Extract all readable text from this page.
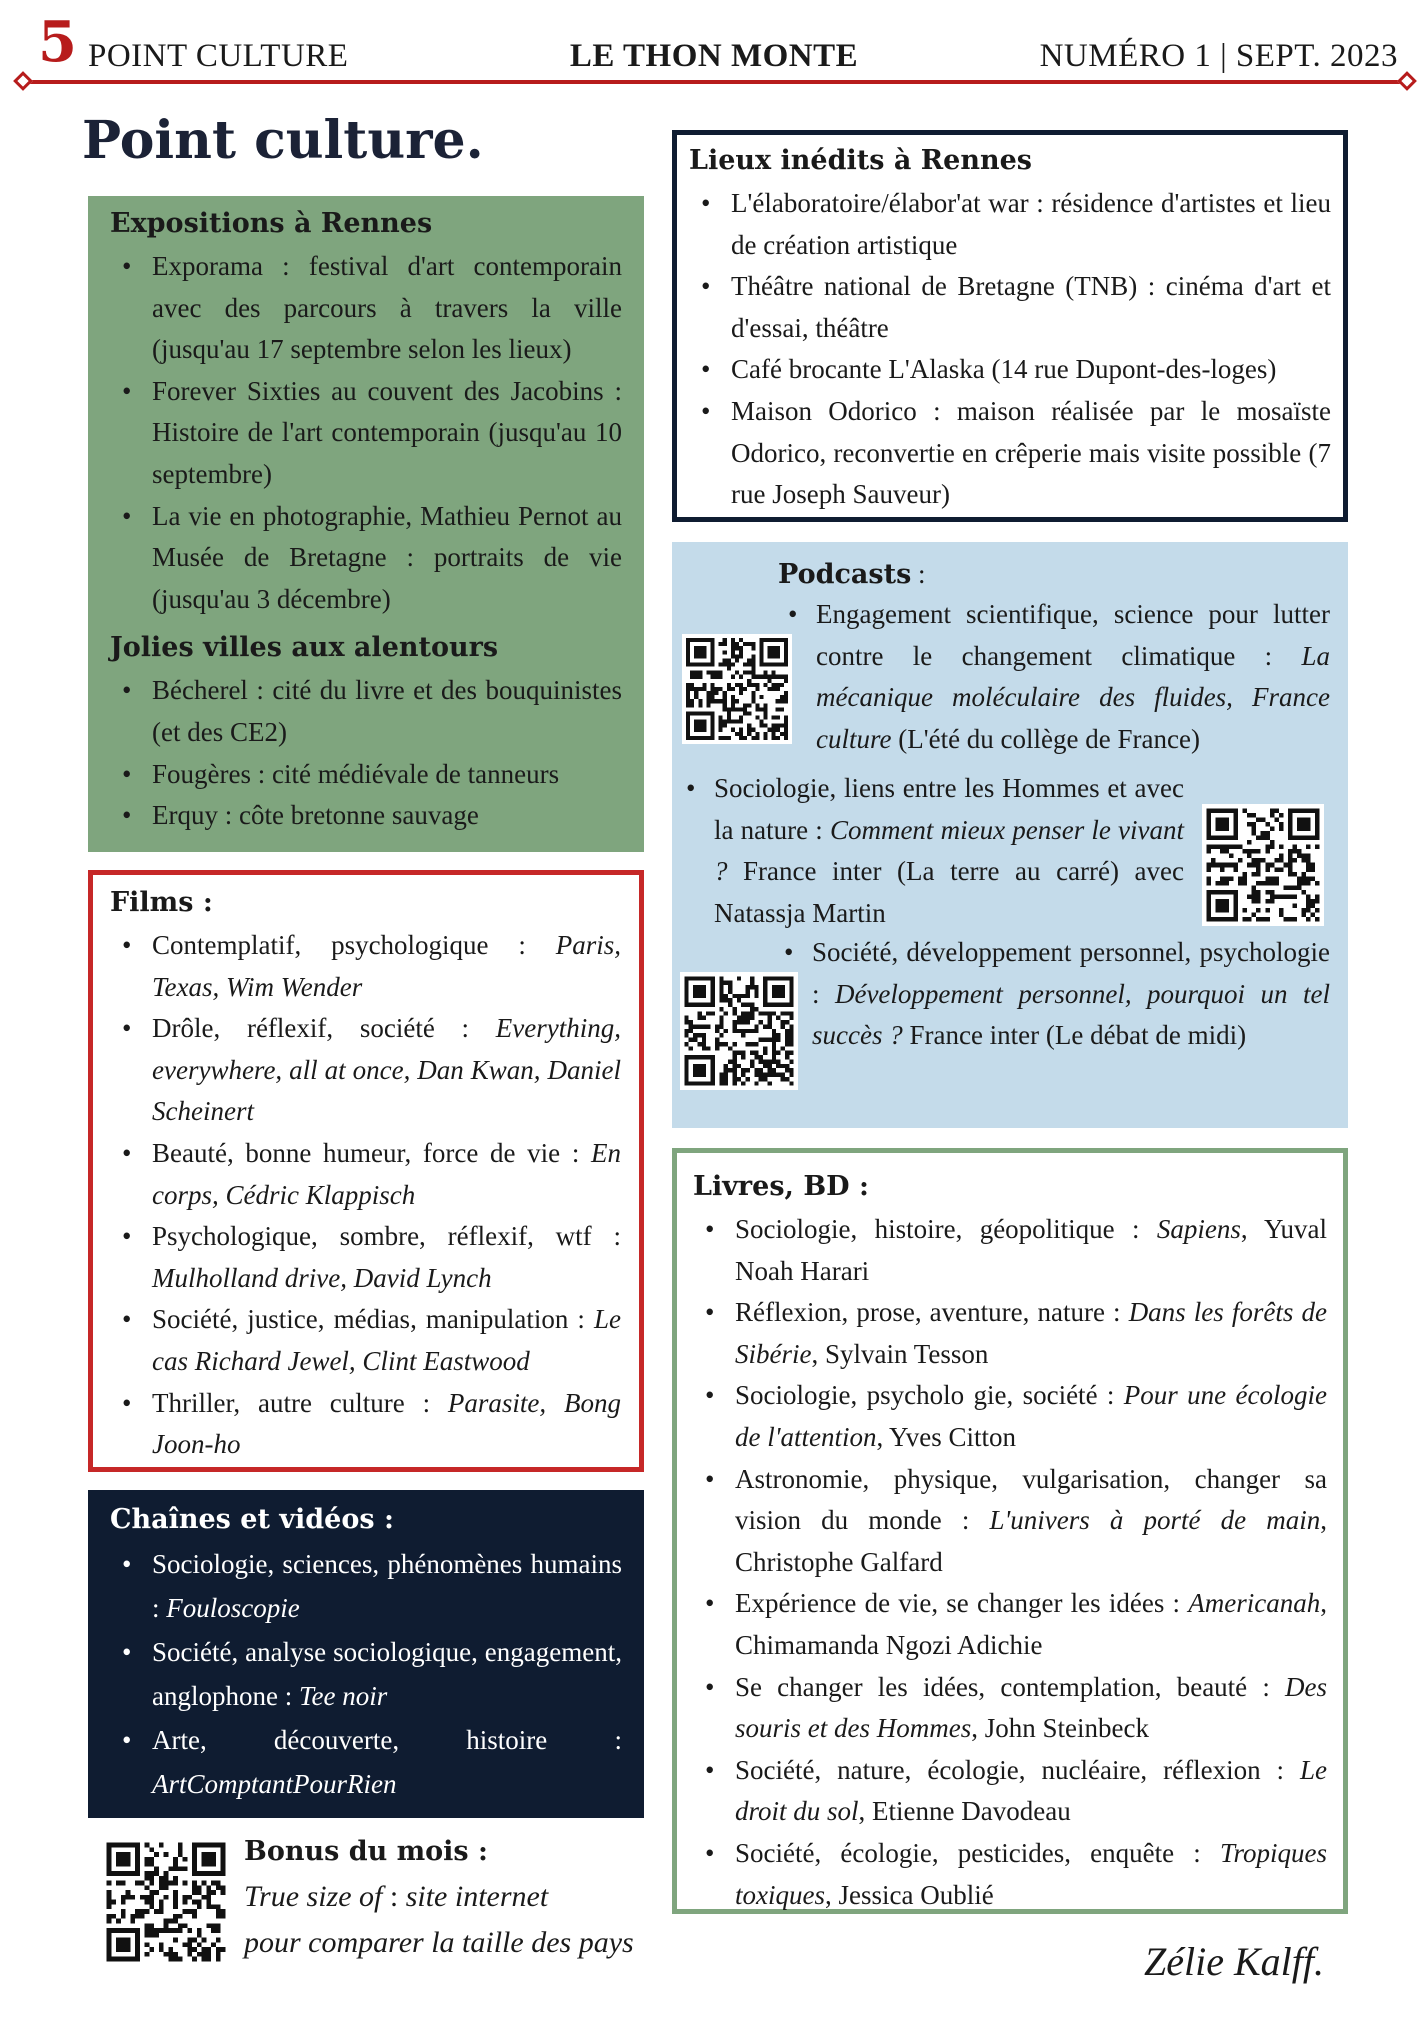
5 POINT CULTURE	LE THON MONTE	NUMÉRO 1 | SEPT. 2023
Point culture.
Expositions à Rennes
• Exporama : festival d'art contemporain avec des parcours à travers la ville (jusqu'au 17 septembre selon les lieux)
• Forever Sixties au couvent des Jacobins : Histoire de l'art contemporain (jusqu'au 10 septembre)
• La vie en photographie, Mathieu Pernot au Musée de Bretagne : portraits de vie (jusqu'au 3 décembre)
Jolies villes aux alentours
• Bécherel : cité du livre et des bouquinistes (et des CE2)
• Fougères : cité médiévale de tanneurs
• Erquy : côte bretonne sauvage
Films :
• Contemplatif, psychologique : Paris, Texas, Wim Wender
• Drôle, réflexif, société : Everything, everywhere, all at once, Dan Kwan, Daniel Scheinert
• Beauté, bonne humeur, force de vie : En corps, Cédric Klappisch
• Psychologique, sombre, réflexif, wtf : Mulholland drive, David Lynch
• Société, justice, médias, manipulation : Le cas Richard Jewel, Clint Eastwood
• Thriller, autre culture : Parasite, Bong Joon-ho
Chaînes et vidéos :
• Sociologie, sciences, phénomènes humains : Fouloscopie
• Société, analyse sociologique, engagement, anglophone : Tee noir
• Arte, découverte, histoire : ArtComptantPourRien
Lieux inédits à Rennes
• L'élaboratoire/élabor'at war : résidence d'artistes et lieu de création artistique
• Théâtre national de Bretagne (TNB) : cinéma d'art et d'essai, théâtre
• Café brocante L'Alaska (14 rue Dupont-des-loges)
• Maison Odorico : maison réalisée par le mosaïste Odorico, reconvertie en crêperie mais visite possible (7 rue Joseph Sauveur)
Podcasts :
• Engagement scientifique, science pour lutter contre le changement climatique : La mécanique moléculaire des fluides, France culture (L'été du collège de France)
• Sociologie, liens entre les Hommes et avec la nature : Comment mieux penser le vivant ? France inter (La terre au carré) avec Natassja Martin
• Société, développement personnel, psychologie : Développement personnel, pourquoi un tel succès ? France inter (Le débat de midi)
Livres, BD :
• Sociologie, histoire, géopolitique : Sapiens, Yuval Noah Harari
• Réflexion, prose, aventure, nature : Dans les forêts de Sibérie, Sylvain Tesson
• Sociologie, psycholo gie, société : Pour une écologie de l'attention, Yves Citton
• Astronomie, physique, vulgarisation, changer sa vision du monde : L'univers à porté de main, Christophe Galfard
• Expérience de vie, se changer les idées : Americanah, Chimamanda Ngozi Adichie
• Se changer les idées, contemplation, beauté : Des souris et des Hommes, John Steinbeck
• Société, nature, écologie, nucléaire, réflexion : Le droit du sol, Etienne Davodeau
• Société, écologie, pesticides, enquête : Tropiques toxiques, Jessica Oublié
Bonus du mois :
True size of : site internet
pour comparer la taille des pays	Zélie Kalff.
